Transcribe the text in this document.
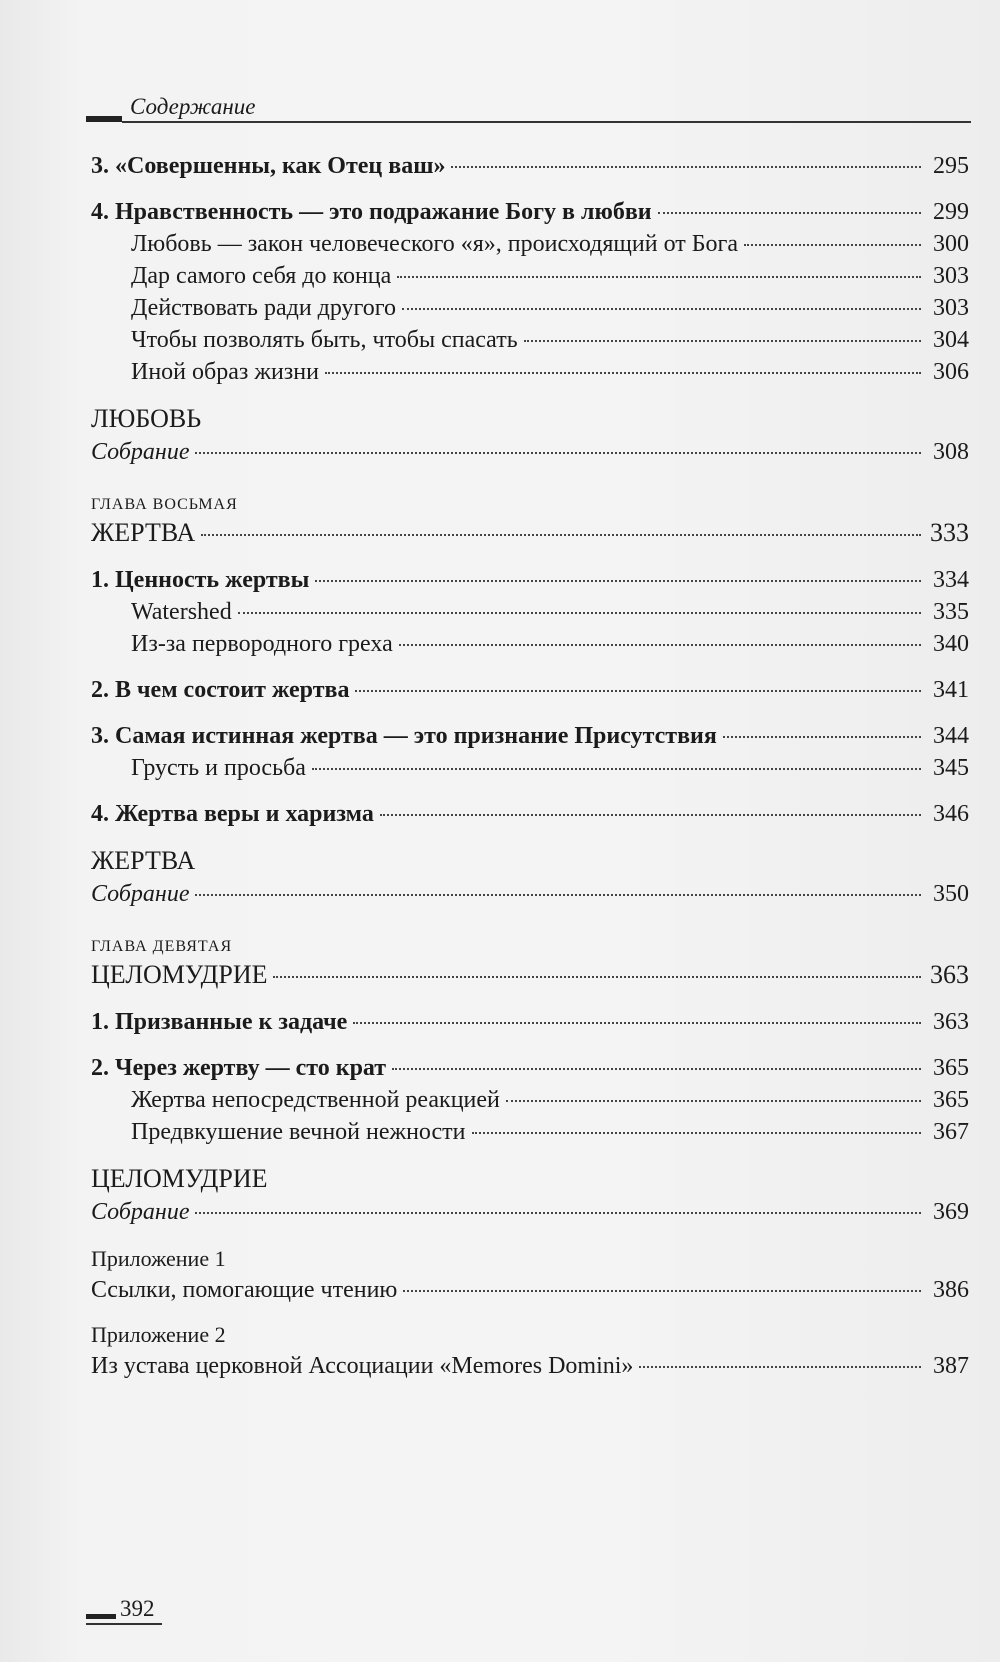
Содержание
3. «Совершенны, как Отец ваш»	295
4. Нравственность — это подражание Богу в любви	299
Любовь — закон человеческого «я», происходящий от Бога	300
Дар самого себя до конца	303
Действовать ради другого	303
Чтобы позволять быть, чтобы спасать	304
Иной образ жизни	306
ЛЮБОВЬ
Собрание	308
ГЛАВА ВОСЬМАЯ
ЖЕРТВА	333
1. Ценность жертвы	334
Watershed	335
Из-за первородного греха	340
2. В чем состоит жертва	341
3. Самая истинная жертва — это признание Присутствия	344
Грусть и просьба	345
4. Жертва веры и харизма	346
ЖЕРТВА
Собрание	350
ГЛАВА ДЕВЯТАЯ
ЦЕЛОМУДРИЕ	363
1. Призванные к задаче	363
2. Через жертву — сто крат	365
Жертва непосредственной реакцией	365
Предвкушение вечной нежности	367
ЦЕЛОМУДРИЕ
Собрание	369
Приложение 1
Ссылки, помогающие чтению	386
Приложение 2
Из устава церковной Ассоциации «Memores Domini»	387
392
